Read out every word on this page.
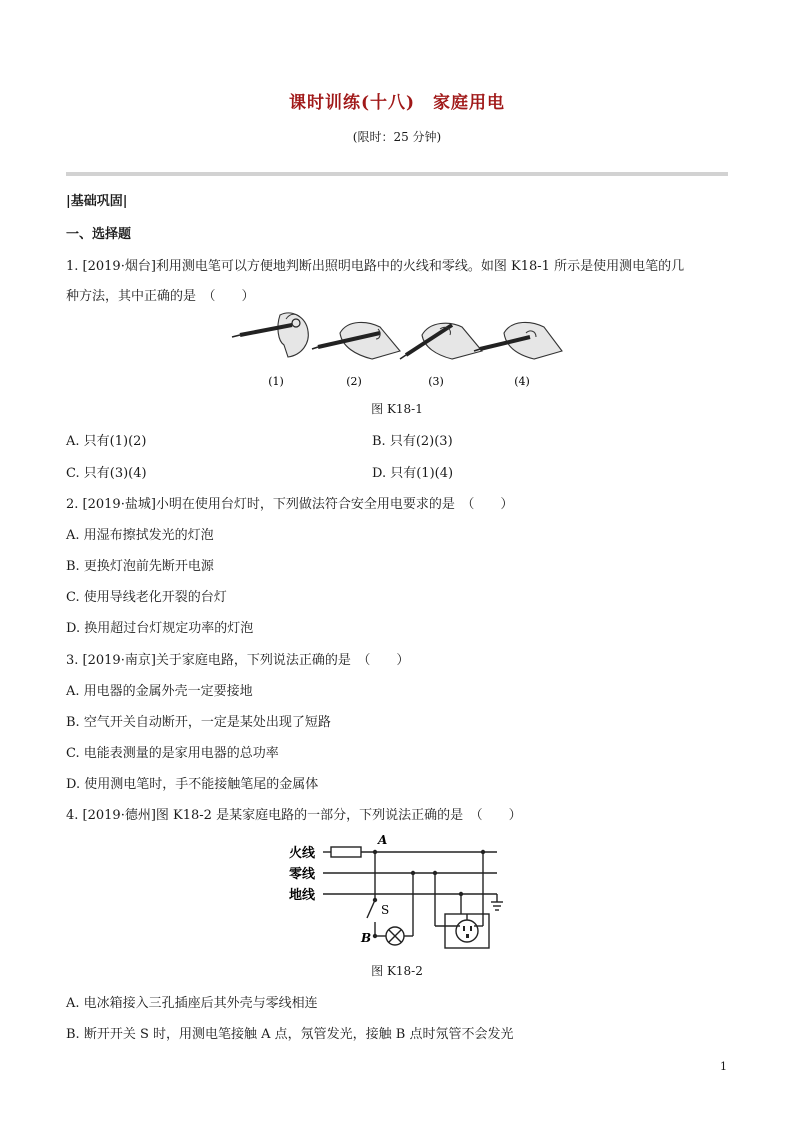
课时训练(十八)　家庭用电
(限时：25 分钟)
|基础巩固|
一、选择题
1. [2019·烟台]利用测电笔可以方便地判断出照明电路中的火线和零线。如图 K18-1 所示是使用测电笔的几
种方法，其中正确的是　（　　）
(1)	(2)	(3)	(4)
图 K18-1
A. 只有(1)(2)	B. 只有(2)(3)
C. 只有(3)(4)	D. 只有(1)(4)
2. [2019·盐城]小明在使用台灯时，下列做法符合安全用电要求的是　（　　）
A. 用湿布擦拭发光的灯泡
B. 更换灯泡前先断开电源
C. 使用导线老化开裂的台灯
D. 换用超过台灯规定功率的灯泡
3. [2019·南京]关于家庭电路，下列说法正确的是　（　　）
A. 用电器的金属外壳一定要接地
B. 空气开关自动断开，一定是某处出现了短路
C. 电能表测量的是家用电器的总功率
D. 使用测电笔时，手不能接触笔尾的金属体
4. [2019·德州]图 K18-2 是某家庭电路的一部分，下列说法正确的是　（　　）
火线
零线
地线
A
B
S
图 K18-2
A. 电冰箱接入三孔插座后其外壳与零线相连
B. 断开开关 S 时，用测电笔接触 A 点，氖管发光，接触 B 点时氖管不会发光
1
